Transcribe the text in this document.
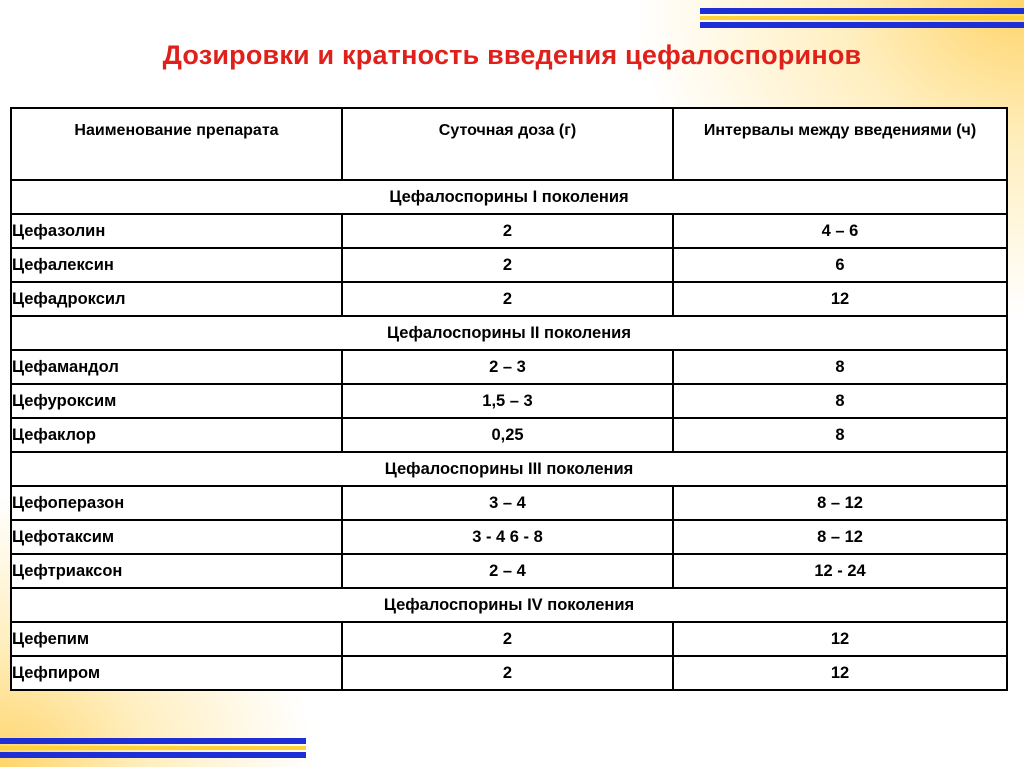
Дозировки и кратность введения цефалоспоринов
Наименование препарата	Суточная доза (г)	Интервалы между введениями (ч)
Цефалоспорины I поколения		
Цефазолин	2	4 – 6
Цефалексин	2	6
Цефадроксил	2	12
Цефалоспорины II поколения		
Цефамандол	2 – 3	8
Цефуроксим	1,5 – 3	8
Цефаклор	0,25	8
Цефалоспорины III поколения		
Цефоперазон	3 – 4	8 – 12
Цефотаксим	3 - 4 6 - 8	8 – 12
Цефтриаксон	2 – 4	12 - 24
Цефалоспорины IV поколения		
Цефепим	2	12
Цефпиром	2	12
